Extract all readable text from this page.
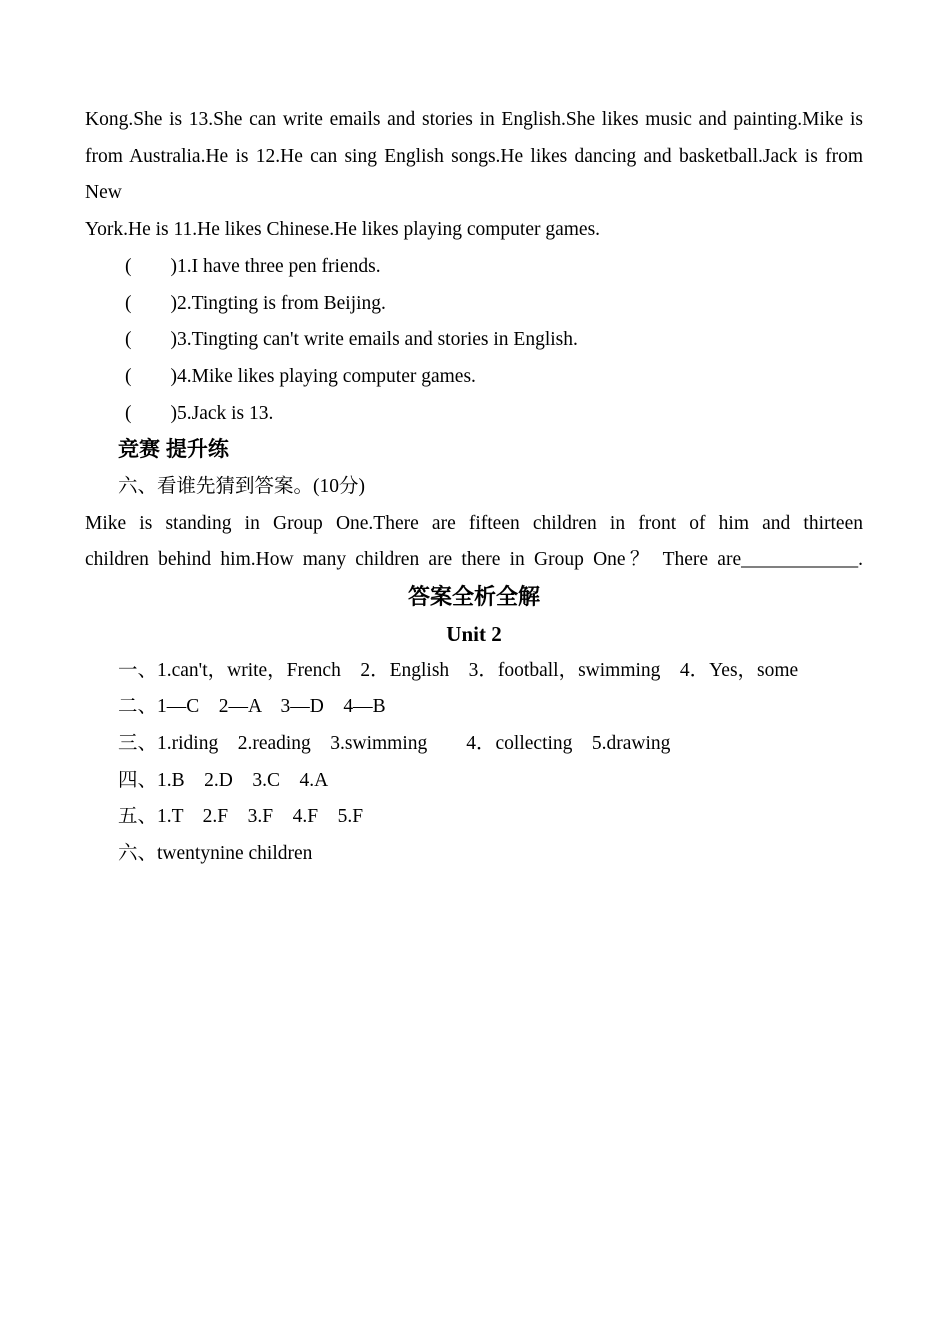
Kong.She is 13.She can write emails and stories in English.She likes music and painting.Mike is
from Australia.He is 12.He can sing English songs.He likes dancing and basketball.Jack is from New
York.He is 11.He likes Chinese.He likes playing computer games.
(　　)1.I have three pen friends.
(　　)2.Tingting is from Beijing.
(　　)3.Tingting can't write emails and stories in English.
(　　)4.Mike likes playing computer games.
(　　)5.Jack is 13.
竞赛 提升练
六、看谁先猜到答案。(10分)
Mike is standing in Group One.There are fifteen children in front of him and thirteen
children behind him.How many children are there in Group One？ There are____________.
答案全析全解
Unit 2
一、1.can't，write，French　2．English　3．football，swimming　4．Yes，some
二、1—C　2—A　3—D　4—B
三、1.riding　2.reading　3.swimming　　4．collecting　5.drawing
四、1.B　2.D　3.C　4.A
五、1.T　2.F　3.F　4.F　5.F
六、twentynine children
